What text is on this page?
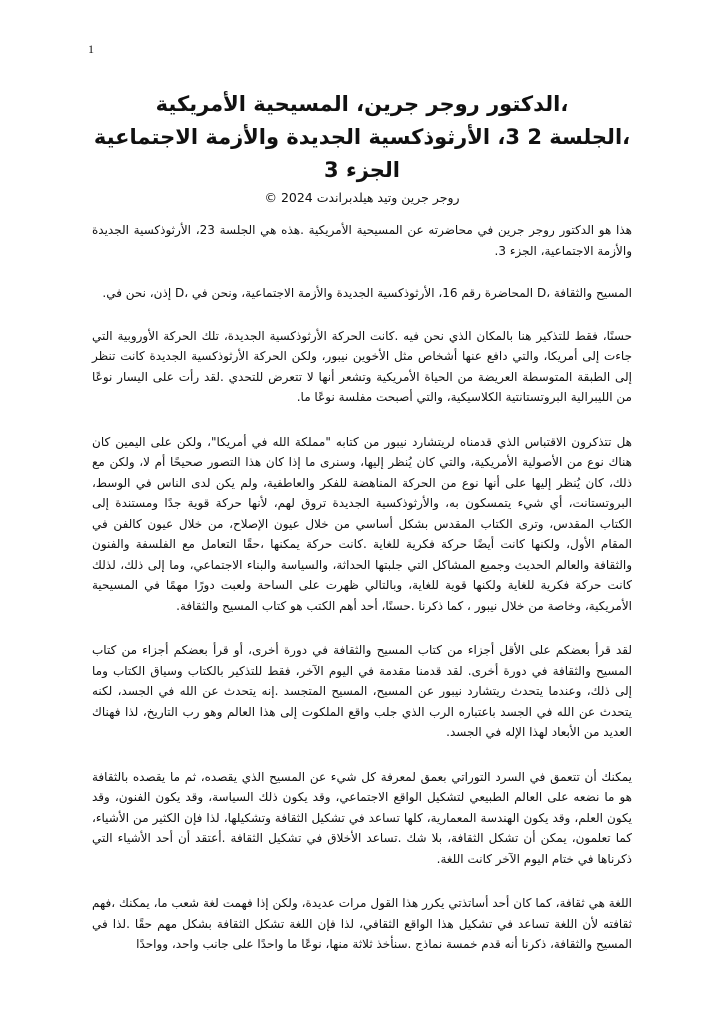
1
،الدكتور روجر جرين، المسيحية الأمريكية
،الجلسة 2 3، الأرثوذكسية الجديدة والأزمة الاجتماعية
الجزء 3
روجر جرين وتيد هيلدبراندت 2024 ©

هذا هو الدكتور روجر جرين في محاضرته عن المسيحية الأمريكية .هذه هي الجلسة 23، الأرثوذكسية الجديدة والأزمة الاجتماعية، الجزء 3.

المسيح والثقافة ،D المحاضرة رقم 16، الأرثوذكسية الجديدة والأزمة الاجتماعية، ونحن في ،D إذن، نحن في.

حسنًا، فقط للتذكير هنا بالمكان الذي نحن فيه .كانت الحركة الأرثوذكسية الجديدة، تلك الحركة الأوروبية التي جاءت إلى أمريكا، والتي دافع عنها أشخاص مثل الأخوين نيبور، ولكن الحركة الأرثوذكسية الجديدة كانت تنظر إلى الطبقة المتوسطة العريضة من الحياة الأمريكية وتشعر أنها لا تتعرض للتحدي .لقد رأت على اليسار نوعًا من الليبرالية البروتستانتية الكلاسيكية، والتي أصبحت مفلسة نوعًا ما.

هل تتذكرون الاقتباس الذي قدمناه لريتشارد نيبور من كتابه "مملكة الله في أمريكا"، ولكن على اليمين كان هناك نوع من الأصولية الأمريكية، والتي كان يُنظر إليها، وسنرى ما إذا كان هذا التصور صحيحًا أم لا، ولكن مع ذلك، كان يُنظر إليها على أنها نوع من الحركة المناهضة للفكر والعاطفية، ولم يكن لدى الناس في الوسط، البروتستانت، أي شيء يتمسكون به، والأرثوذكسية الجديدة تروق لهم، لأنها حركة قوية جدًا ومستندة إلى الكتاب المقدس، وترى الكتاب المقدس بشكل أساسي من خلال عيون الإصلاح، من خلال عيون كالفن في المقام الأول، ولكنها كانت أيضًا حركة فكرية للغاية .كانت حركة يمكنها ،حقًا التعامل مع الفلسفة والفنون والثقافة والعالم الحديث وجميع المشاكل التي جلبتها الحداثة، والسياسة والبناء الاجتماعي، وما إلى ذلك، لذلك كانت حركة فكرية للغاية ولكنها قوية للغاية، وبالتالي ظهرت على الساحة ولعبت دورًا مهمًا في المسيحية الأمريكية، وخاصة من خلال نيبور ، كما ذكرنا .حسنًا، أحد أهم الكتب هو كتاب المسيح والثقافة.

لقد قرأ بعضكم على الأقل أجزاء من كتاب المسيح والثقافة في دورة أخرى، أو قرأ بعضكم أجزاء من كتاب المسيح والثقافة في دورة أخرى. لقد قدمنا مقدمة في اليوم الآخر، فقط للتذكير بالكتاب وسياق الكتاب وما إلى ذلك، وعندما يتحدث ريتشارد نيبور عن المسيح، المسيح المتجسد .إنه يتحدث عن الله في الجسد، لكنه يتحدث عن الله في الجسد باعتباره الرب الذي جلب واقع الملكوت إلى هذا العالم وهو رب التاريخ، لذا فهناك العديد من الأبعاد لهذا الإله في الجسد.

يمكنك أن تتعمق في السرد التوراتي بعمق لمعرفة كل شيء عن المسيح الذي يقصده، ثم ما يقصده بالثقافة هو ما نضعه على العالم الطبيعي لتشكيل الواقع الاجتماعي، وقد يكون ذلك السياسة، وقد يكون الفنون، وقد يكون العلم، وقد يكون الهندسة المعمارية، كلها تساعد في تشكيل الثقافة وتشكيلها، لذا فإن الكثير من الأشياء، كما تعلمون، يمكن أن تشكل الثقافة، بلا شك .تساعد الأخلاق في تشكيل الثقافة .أعتقد أن أحد الأشياء التي ذكرناها في ختام اليوم الآخر كانت اللغة.

اللغة هي ثقافة، كما كان أحد أساتذتي يكرر هذا القول مرات عديدة، ولكن إذا فهمت لغة شعب ما، يمكنك ،فهم ثقافته لأن اللغة تساعد في تشكيل هذا الواقع الثقافي، لذا فإن اللغة تشكل الثقافة بشكل مهم حقًا .لذا في المسيح والثقافة، ذكرنا أنه قدم خمسة نماذج .سنأخذ ثلاثة منها، نوعًا ما واحدًا على جانب واحد، وواحدًا
